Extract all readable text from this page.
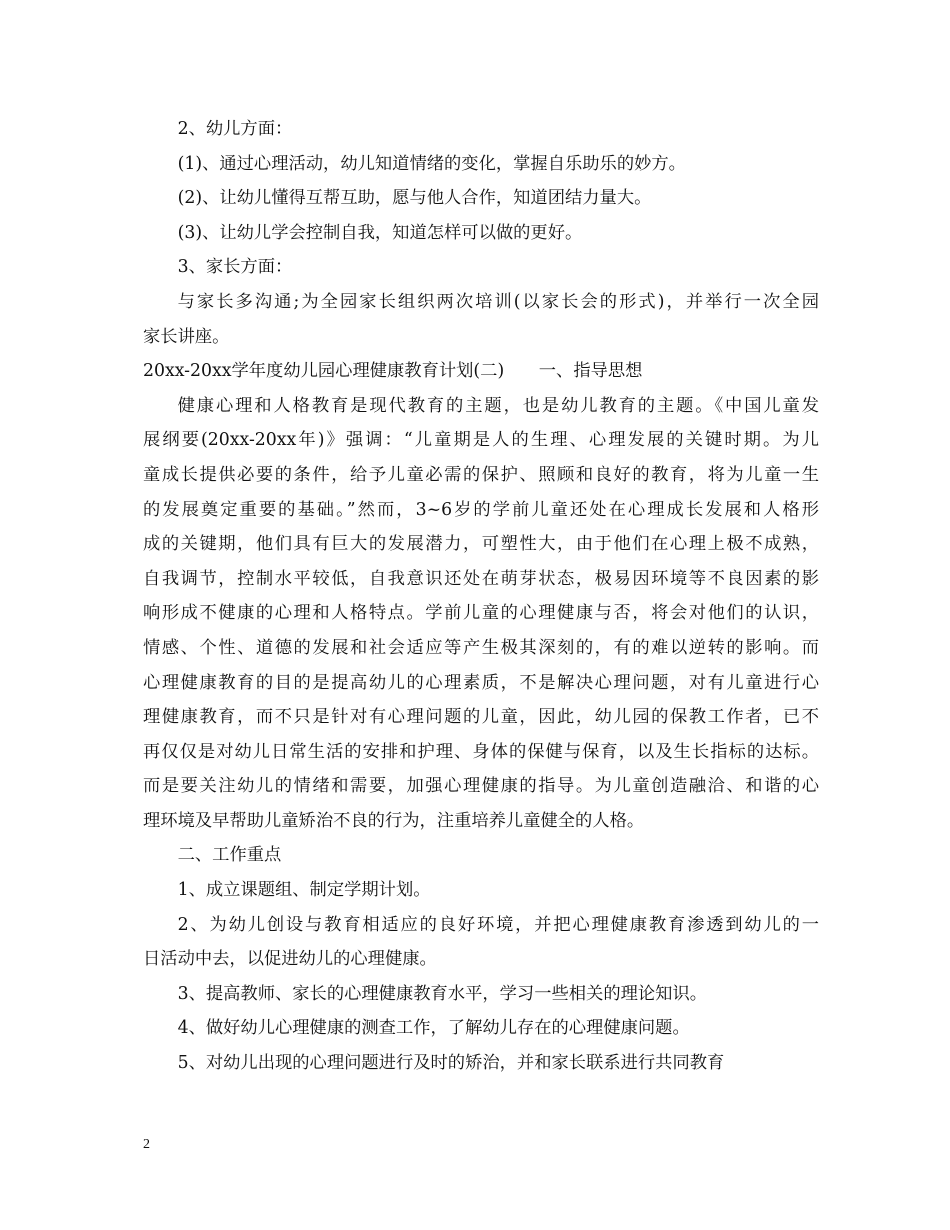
2、幼儿方面：
(1)、通过心理活动，幼儿知道情绪的变化，掌握自乐助乐的妙方。
(2)、让幼儿懂得互帮互助，愿与他人合作，知道团结力量大。
(3)、让幼儿学会控制自我，知道怎样可以做的更好。
3、家长方面：
与家长多沟通;为全园家长组织两次培训(以家长会的形式)，并举行一次全园
家长讲座。
20xx-20xx学年度幼儿园心理健康教育计划(二)　　一、指导思想
健康心理和人格教育是现代教育的主题，也是幼儿教育的主题。《中国儿童发
展纲要(20xx-20xx年)》强调：“儿童期是人的生理、心理发展的关键时期。为儿
童成长提供必要的条件，给予儿童必需的保护、照顾和良好的教育，将为儿童一生
的发展奠定重要的基础。”然而，3~6岁的学前儿童还处在心理成长发展和人格形
成的关键期，他们具有巨大的发展潜力，可塑性大，由于他们在心理上极不成熟，
自我调节，控制水平较低，自我意识还处在萌芽状态，极易因环境等不良因素的影
响形成不健康的心理和人格特点。学前儿童的心理健康与否，将会对他们的认识，
情感、个性、道德的发展和社会适应等产生极其深刻的，有的难以逆转的影响。而
心理健康教育的目的是提高幼儿的心理素质，不是解决心理问题，对有儿童进行心
理健康教育，而不只是针对有心理问题的儿童，因此，幼儿园的保教工作者，已不
再仅仅是对幼儿日常生活的安排和护理、身体的保健与保育，以及生长指标的达标。
而是要关注幼儿的情绪和需要，加强心理健康的指导。为儿童创造融洽、和谐的心
理环境及早帮助儿童矫治不良的行为，注重培养儿童健全的人格。
二、工作重点
1、成立课题组、制定学期计划。
2、为幼儿创设与教育相适应的良好环境，并把心理健康教育渗透到幼儿的一
日活动中去，以促进幼儿的心理健康。
3、提高教师、家长的心理健康教育水平，学习一些相关的理论知识。
4、做好幼儿心理健康的测查工作，了解幼儿存在的心理健康问题。
5、对幼儿出现的心理问题进行及时的矫治，并和家长联系进行共同教育
2
